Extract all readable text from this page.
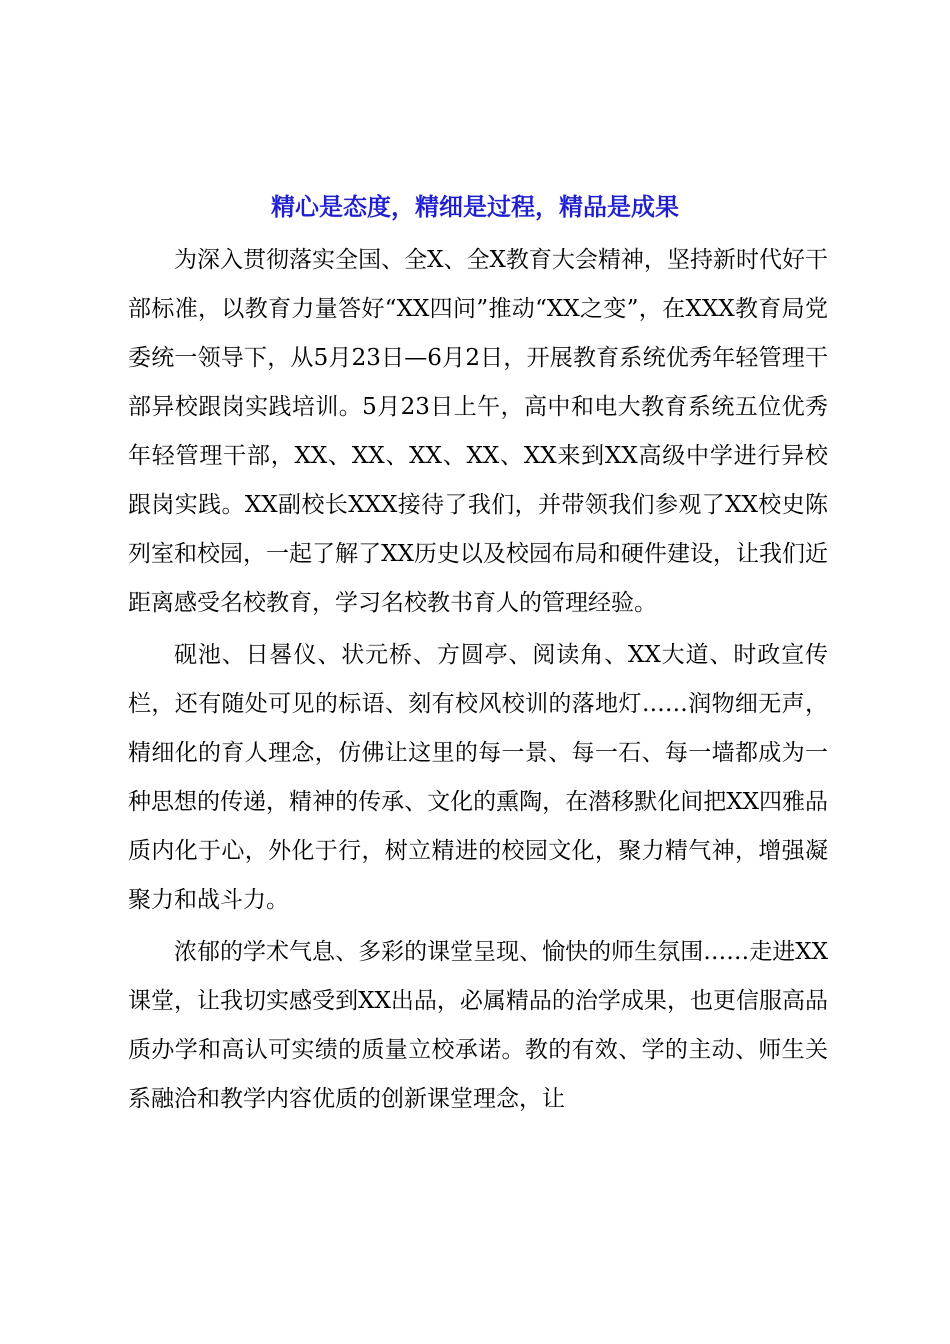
精心是态度，精细是过程，精品是成果

为深入贯彻落实全国、全X、全X教育大会精神，坚持新时代好干部标准，以教育力量答好“XX四问”推动“XX之变”，在XXX教育局党委统一领导下，从5月23日—6月2日，开展教育系统优秀年轻管理干部异校跟岗实践培训。5月23日上午，高中和电大教育系统五位优秀年轻管理干部，XX、XX、XX、XX、XX来到XX高级中学进行异校跟岗实践。XX副校长XXX接待了我们，并带领我们参观了XX校史陈列室和校园，一起了解了XX历史以及校园布局和硬件建设，让我们近距离感受名校教育，学习名校教书育人的管理经验。

砚池、日晷仪、状元桥、方圆亭、阅读角、XX大道、时政宣传栏，还有随处可见的标语、刻有校风校训的落地灯……润物细无声，精细化的育人理念，仿佛让这里的每一景、每一石、每一墙都成为一种思想的传递，精神的传承、文化的熏陶，在潜移默化间把XX四雅品质内化于心，外化于行，树立精进的校园文化，聚力精气神，增强凝聚力和战斗力。

浓郁的学术气息、多彩的课堂呈现、愉快的师生氛围……走进XX课堂，让我切实感受到XX出品，必属精品的治学成果，也更信服高品质办学和高认可实绩的质量立校承诺。教的有效、学的主动、师生关系融洽和教学内容优质的创新课堂理念，让
